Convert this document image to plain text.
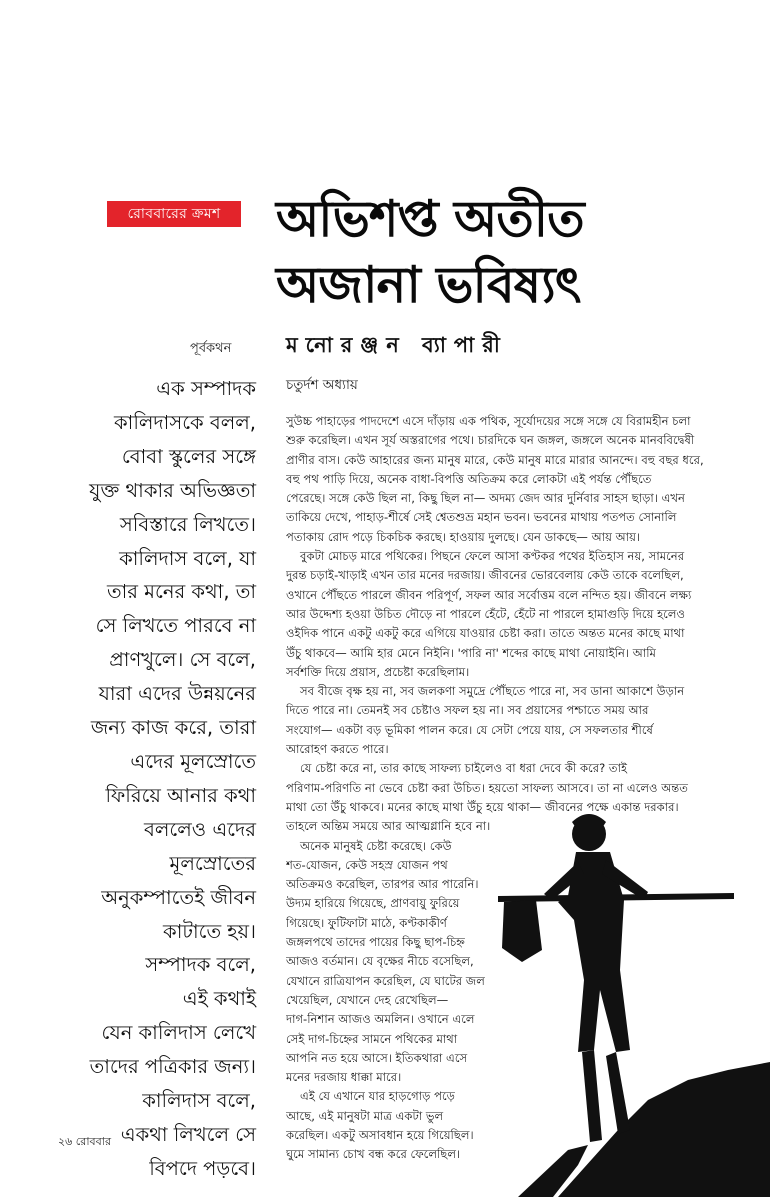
রোববারের ক্রমশ	অভিশপ্ত অতীত
অজানা ভবিষ্যৎ
পূর্বকথন	মনোরঞ্জন ব্যাপারী
এক সম্পাদক
কালিদাসকে বলল,
বোবা স্কুলের সঙ্গে
যুক্ত থাকার অভিজ্ঞতা
সবিস্তারে লিখতে।
কালিদাস বলে, যা
তার মনের কথা, তা
সে লিখতে পারবে না
প্রাণখুলে। সে বলে,
যারা এদের উন্নয়নের
জন্য কাজ করে, তারা
এদের মূলস্রোতে
ফিরিয়ে আনার কথা
বললেও এদের
মূলস্রোতের
অনুকম্পাতেই জীবন
কাটাতে হয়।
সম্পাদক বলে,
এই কথাই
যেন কালিদাস লেখে
তাদের পত্রিকার জন্য।
কালিদাস বলে,
একথা লিখলে সে
বিপদে পড়বে।
চতুর্দশ অধ্যায়
সুউচ্চ পাহাড়ের পাদদেশে এসে দাঁড়ায় এক পথিক, সূর্যোদয়ের সঙ্গে সঙ্গে যে বিরামহীন চলা
শুরু করেছিল। এখন সূর্য অস্তরাগের পথে। চারদিকে ঘন জঙ্গল, জঙ্গলে অনেক মানববিদ্বেষী
প্রাণীর বাস। কেউ আহারের জন্য মানুষ মারে, কেউ মানুষ মারে মারার আনন্দে। বহু বছর ধরে,
বহু পথ পাড়ি দিয়ে, অনেক বাধা-বিপত্তি অতিক্রম করে লোকটা এই পর্যন্ত পৌঁছতে
পেরেছে। সঙ্গে কেউ ছিল না, কিছু ছিল না— অদম্য জেদ আর দুর্নিবার সাহস ছাড়া। এখন
তাকিয়ে দেখে, পাহাড়-শীর্ষে সেই শ্বেতশুভ্র মহান ভবন। ভবনের মাথায় পতপত সোনালি
পতাকায় রোদ পড়ে চিকচিক করছে। হাওয়ায় দুলছে। যেন ডাকছে— আয় আয়।
বুকটা মোচড় মারে পথিকের। পিছনে ফেলে আসা কণ্টকর পথের ইতিহাস নয়, সামনের
দুরন্ত চড়াই-খাড়াই এখন তার মনের দরজায়। জীবনের ভোরবেলায় কেউ তাকে বলেছিল,
ওখানে পৌঁছতে পারলে জীবন পরিপূর্ণ, সফল আর সর্বোত্তম বলে নন্দিত হয়। জীবনে লক্ষ্য
আর উদ্দেশ্য হওয়া উচিত দৌড়ে না পারলে হেঁটে, হেঁটে না পারলে হামাগুড়ি দিয়ে হলেও
ওইদিক পানে একটু একটু করে এগিয়ে যাওয়ার চেষ্টা করা। তাতে অন্তত মনের কাছে মাথা
উঁচু থাকবে— আমি হার মেনে নিইনি। 'পারি না' শব্দের কাছে মাথা নোয়াইনি। আমি
সর্বশক্তি দিয়ে প্রয়াস, প্রচেষ্টা করেছিলাম।
সব বীজে বৃক্ষ হয় না, সব জলকণা সমুদ্রে পৌঁছতে পারে না, সব ডানা আকাশে উড়ান
দিতে পারে না। তেমনই সব চেষ্টাও সফল হয় না। সব প্রয়াসের পশ্চাতে সময় আর
সংযোগ— একটা বড় ভূমিকা পালন করে। যে সেটা পেয়ে যায়, সে সফলতার শীর্ষে
আরোহণ করতে পারে।
যে চেষ্টা করে না, তার কাছে সাফল্য চাইলেও বা ধরা দেবে কী করে? তাই
পরিণাম-পরিণতি না ভেবে চেষ্টা করা উচিত। হয়তো সাফল্য আসবে। তা না এলেও অন্তত
মাথা তো উঁচু থাকবে। মনের কাছে মাথা উঁচু হয়ে থাকা— জীবনের পক্ষে একান্ত দরকার।
তাহলে অন্তিম সময়ে আর আত্মগ্লানি হবে না।
অনেক মানুষই চেষ্টা করেছে। কেউ
শত-যোজন, কেউ সহস্র যোজন পথ
অতিক্রমও করেছিল, তারপর আর পারেনি।
উদ্যম হারিয়ে গিয়েছে, প্রাণবায়ু ফুরিয়ে
গিয়েছে। ফুটিফাটা মাঠে, কণ্টকাকীর্ণ
জঙ্গলপথে তাদের পায়ের কিছু ছাপ-চিহ্ন
আজও বর্তমান। যে বৃক্ষের নীচে বসেছিল,
যেখানে রাত্রিযাপন করেছিল, যে ঘাটের জল
খেয়েছিল, যেখানে দেহ রেখেছিল—
দাগ-নিশান আজও অমলিন। ওখানে এলে
সেই দাগ-চিহ্নের সামনে পথিকের মাথা
আপনি নত হয়ে আসে। ইতিকথারা এসে
মনের দরজায় ধাক্কা মারে।
এই যে এখানে যার হাড়গোড় পড়ে
আছে, এই মানুষটা মাত্র একটা ভুল
করেছিল। একটু অসাবধান হয়ে গিয়েছিল।
ঘুমে সামান্য চোখ বন্ধ করে ফেলেছিল।
২৬ রোববার
